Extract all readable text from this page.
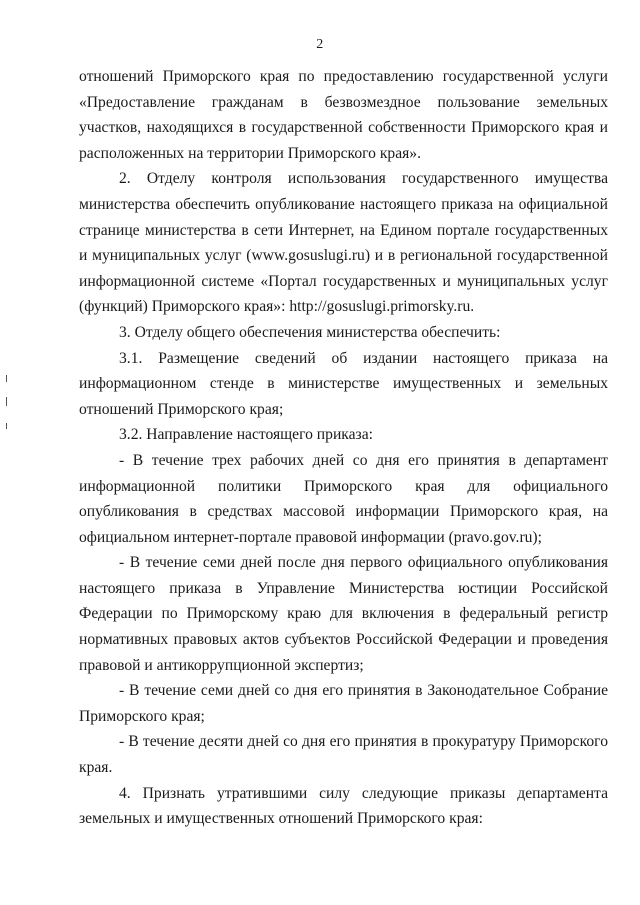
2

отношений Приморского края по предоставлению государственной услуги «Предоставление гражданам в безвозмездное пользование земельных участков, находящихся в государственной собственности Приморского края и расположенных на территории Приморского края».

2. Отделу контроля использования государственного имущества министерства обеспечить опубликование настоящего приказа на официальной странице министерства в сети Интернет, на Едином портале государственных и муниципальных услуг (www.gosuslugi.ru) и в региональной государственной информационной системе «Портал государственных и муниципальных услуг (функций) Приморского края»: http://gosuslugi.primorsky.ru.

3. Отделу общего обеспечения министерства обеспечить:

3.1. Размещение сведений об издании настоящего приказа на информационном стенде в министерстве имущественных и земельных отношений Приморского края;

3.2. Направление настоящего приказа:

- В течение трех рабочих дней со дня его принятия в департамент информационной политики Приморского края для официального опубликования в средствах массовой информации Приморского края, на официальном интернет-портале правовой информации (pravo.gov.ru);

- В течение семи дней после дня первого официального опубликования настоящего приказа в Управление Министерства юстиции Российской Федерации по Приморскому краю для включения в федеральный регистр нормативных правовых актов субъектов Российской Федерации и проведения правовой и антикоррупционной экспертиз;

- В течение семи дней со дня его принятия в Законодательное Собрание Приморского края;

- В течение десяти дней со дня его принятия в прокуратуру Приморского края.

4. Признать утратившими силу следующие приказы департамента земельных и имущественных отношений Приморского края:
